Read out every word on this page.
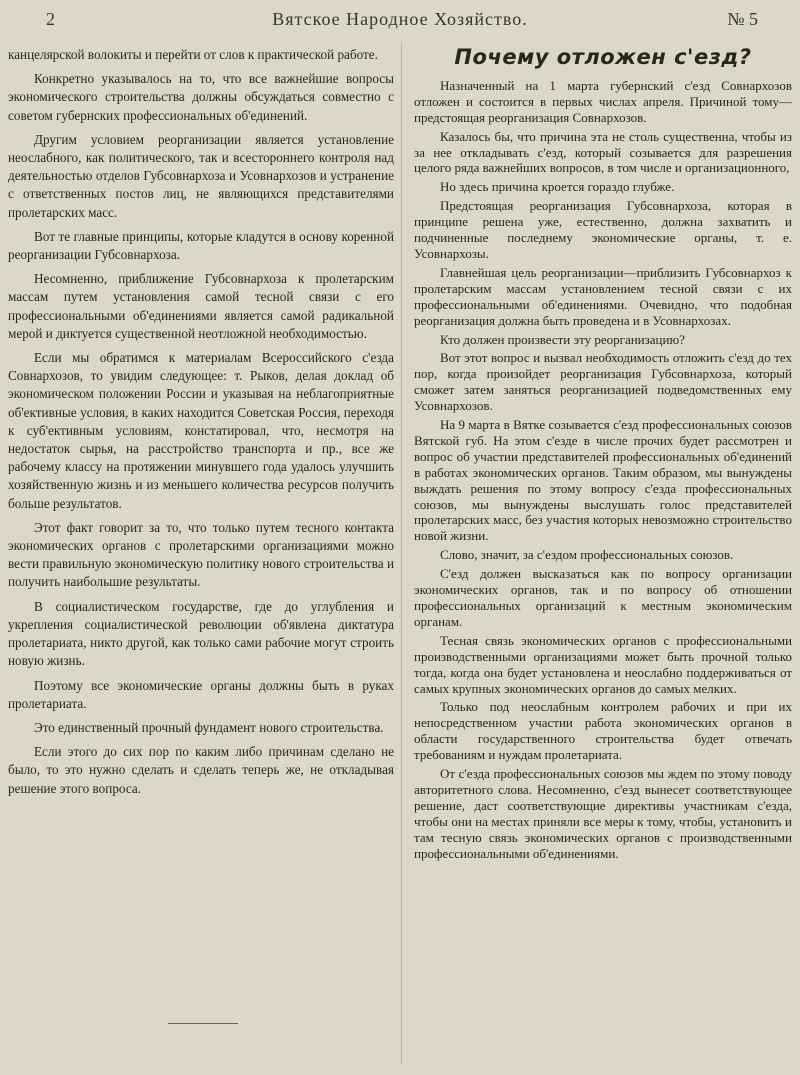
2	Вятское Народное Хозяйство.	№ 5

канцелярской волокиты и перейти от слов к практической работе.

Конкретно указывалось на то, что все важнейшие вопросы экономического строительства должны обсуждаться совместно с советом губернских профессиональных об'единений.

Другим условием реорганизации является установление неослабного, как политического, так и всестороннего контроля над деятельностью отделов Губсовнархоза и Усовнархозов и устранение с ответственных постов лиц, не являющихся представителями пролетарских масс.

Вот те главные принципы, которые кладутся в основу коренной реорганизации Губсовнархоза.

Несомненно, приближение Губсовнархоза к пролетарским массам путем установления самой тесной связи с его профессиональными об'единениями является самой радикальной мерой и диктуется существенной неотложной необходимостью.

Если мы обратимся к материалам Всероссийского с'езда Совнархозов, то увидим следующее: т. Рыков, делая доклад об экономическом положении России и указывая на неблагоприятные об'ективные условия, в каких находится Советская Россия, переходя к суб'ективным условиям, констатировал, что, несмотря на недостаток сырья, на расстройство транспорта и пр., все же рабочему классу на протяжении минувшего года удалось улучшить хозяйственную жизнь и из меньшего количества ресурсов получить больше результатов.

Этот факт говорит за то, что только путем тесного контакта экономических органов с пролетарскими организациями можно вести правильную экономическую политику нового строительства и получить наибольшие результаты.

В социалистическом государстве, где до углубления и укрепления социалистической революции об'явлена диктатура пролетариата, никто другой, как только сами рабочие могут строить новую жизнь.

Поэтому все экономические органы должны быть в руках пролетариата.

Это единственный прочный фундамент нового строительства.

Если этого до сих пор по каким либо причинам сделано не было, то это нужно сделать и сделать теперь же, не откладывая решение этого вопроса.

Почему отложен с'езд?

Назначенный на 1 марта губернский с'езд Совнархозов отложен и состоится в первых числах апреля. Причиной тому—предстоящая реорганизация Совнархозов.

Казалось бы, что причина эта не столь существенна, чтобы из за нее откладывать с'езд, который созывается для разрешения целого ряда важнейших вопросов, в том числе и организационного,

Но здесь причина кроется гораздо глубже.

Предстоящая реорганизация Губсовнархоза, которая в принципе решена уже, естественно, должна захватить и подчиненные последнему экономические органы, т. е. Усовнархозы.

Главнейшая цель реорганизации—приблизить Губсовнархоз к пролетарским массам установлением тесной связи с их профессиональными об'единениями. Очевидно, что подобная реорганизация должна быть проведена и в Усовнархозах.

Кто должен произвести эту реорганизацию?

Вот этот вопрос и вызвал необходимость отложить с'езд до тех пор, когда произойдет реорганизация Губсовнархоза, который сможет затем заняться реорганизацией подведомственных ему Усовнархозов.

На 9 марта в Вятке созывается с'езд профессиональных союзов Вятской губ. На этом с'езде в числе прочих будет рассмотрен и вопрос об участии представителей профессиональных об'единений в работах экономических органов. Таким образом, мы вынуждены выждать решения по этому вопросу с'езда профессиональных союзов, мы вынуждены выслушать голос представителей пролетарских масс, без участия которых невозможно строительство новой жизни.

Слово, значит, за с'ездом профессиональных союзов.

С'езд должен высказаться как по вопросу организации экономических органов, так и по вопросу об отношении профессиональных организаций к местным экономическим органам.

Тесная связь экономических органов с профессиональными производственными организациями может быть прочной только тогда, когда она будет установлена и неослабно поддерживаться от самых крупных экономических органов до самых мелких.

Только под неослабным контролем рабочих и при их непосредственном участии работа экономических органов в области государственного строительства будет отвечать требованиям и нуждам пролетариата.

От с'езда профессиональных союзов мы ждем по этому поводу авторитетного слова. Несомненно, с'езд вынесет соответствующее решение, даст соответствующие директивы участникам с'езда, чтобы они на местах приняли все меры к тому, чтобы, установить и там тесную связь экономических органов с производственными профессиональными об'единениями.
